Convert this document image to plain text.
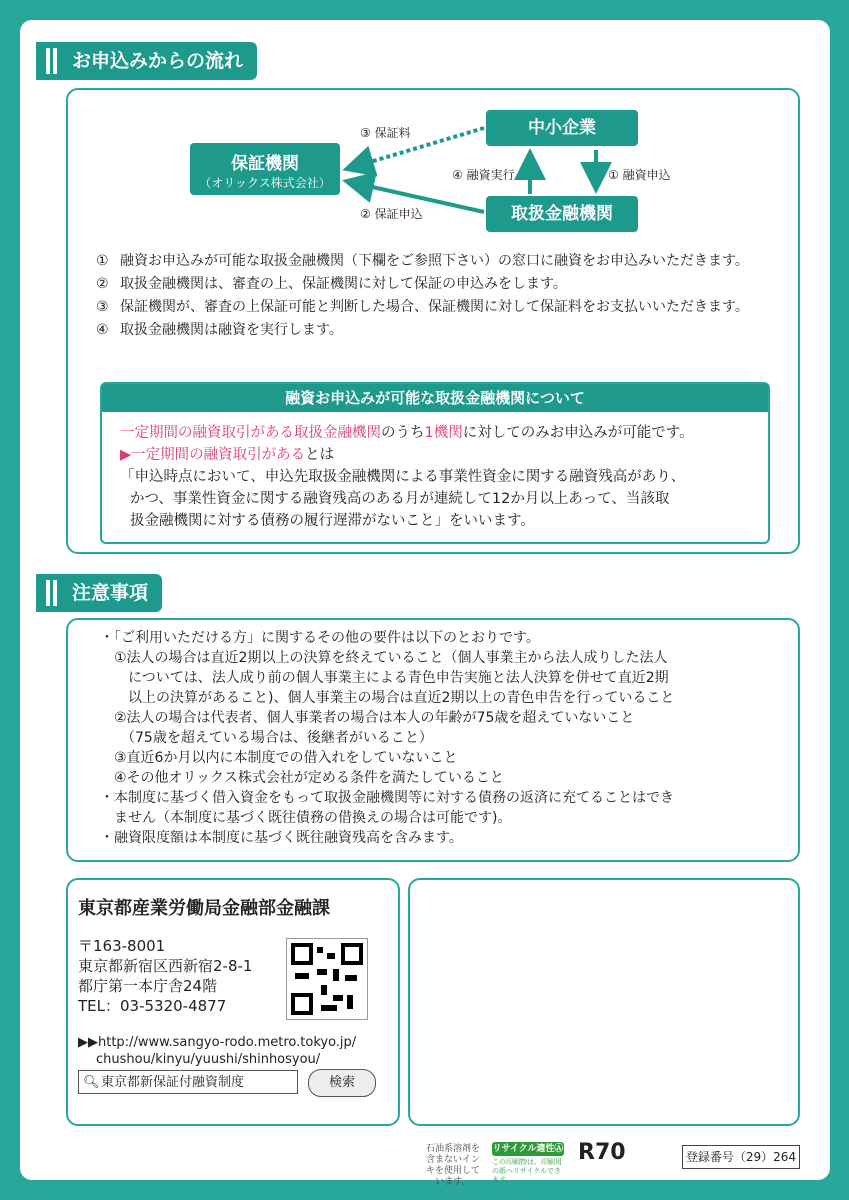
お申込みからの流れ
保証機関
（オリックス株式会社）
中小企業
取扱金融機関
③ 保証料
② 保証申込
④ 融資実行	① 融資申込
① 融資お申込みが可能な取扱金融機関（下欄をご参照下さい）の窓口に融資をお申込みいただきます。
② 取扱金融機関は、審査の上、保証機関に対して保証の申込みをします。
③ 保証機関が、審査の上保証可能と判断した場合、保証機関に対して保証料をお支払いいただきます。
④ 取扱金融機関は融資を実行します。
融資お申込みが可能な取扱金融機関について
一定期間の融資取引がある取扱金融機関のうち1機関に対してのみお申込みが可能です。
▶一定期間の融資取引があるとは
「申込時点において、申込先取扱金融機関による事業性資金に関する融資残高があり、
かつ、事業性資金に関する融資残高のある月が連続して12か月以上あって、当該取
扱金融機関に対する債務の履行遅滞がないこと」をいいます。
注意事項
・「ご利用いただける方」に関するその他の要件は以下のとおりです。
　①法人の場合は直近2期以上の決算を終えていること（個人事業主から法人成りした法人
　　については、法人成り前の個人事業主による青色申告実施と法人決算を併せて直近2期
　　以上の決算があること)、個人事業主の場合は直近2期以上の青色申告を行っていること
　②法人の場合は代表者、個人事業者の場合は本人の年齢が75歳を超えていないこと
　　（75歳を超えている場合は、後継者がいること）
　③直近6か月以内に本制度での借入れをしていないこと
　④その他オリックス株式会社が定める条件を満たしていること
・本制度に基づく借入資金をもって取扱金融機関等に対する債務の返済に充てることはでき
　ません（本制度に基づく既往債務の借換えの場合は可能です)。
・融資限度額は本制度に基づく既往融資残高を含みます。
東京都産業労働局金融部金融課
〒163-8001
東京都新宿区西新宿2-8-1
都庁第一本庁舎24階
TEL：03-5320-4877
▶▶http://www.sangyo-rodo.metro.tokyo.jp/
chushou/kinyu/yuushi/shinhosyou/
🔍︎ 東京都新保証付融資制度	検索
石油系溶剤を含まないインキを使用しています。
リサイクル適性Ⓐ
この印刷物は、印刷用の紙へリサイクルできます。
R70	登録番号（29）264
